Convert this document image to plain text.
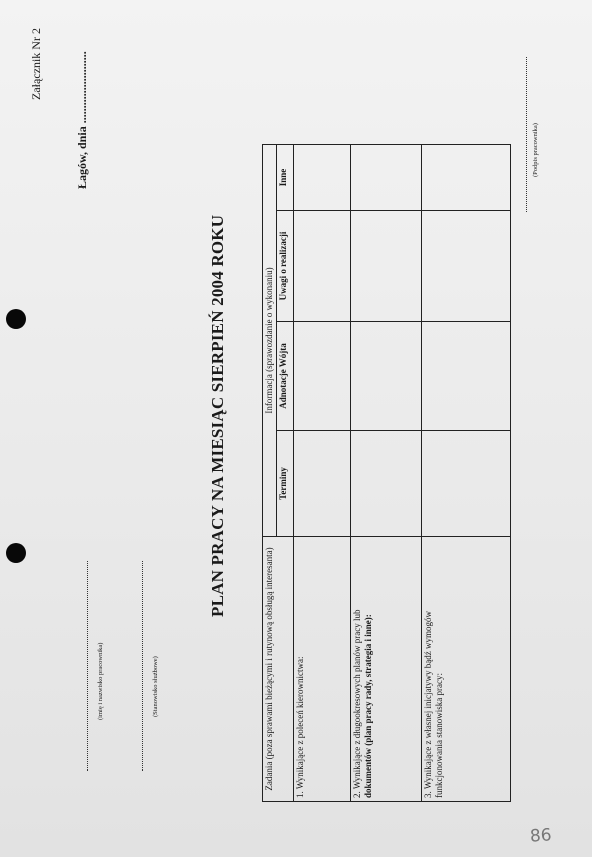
Załącznik Nr 2	Łagów, dnia ........................
(imię i nazwisko pracownika)	(Stanowisko służbowe)
PLAN PRACY NA MIESIĄC SIERPIEŃ 2004 ROKU
Zadania (poza sprawami bieżącymi i rutynową obsługą interesanta)	Informacja (sprawozdanie o wykonaniu)			
	Terminy	Adnotacje Wójta	Uwagi o realizacji	Inne

1. Wynikające z poleceń kierownictwa:				

2. Wynikające z długookresowych planów pracy lub dokumentów (plan pracy rady, strategia i inne):				

3. Wynikające z własnej inicjatywy bądź wymogów funkcjonowania stanowiska pracy:				

(Podpis pracownika)
86
